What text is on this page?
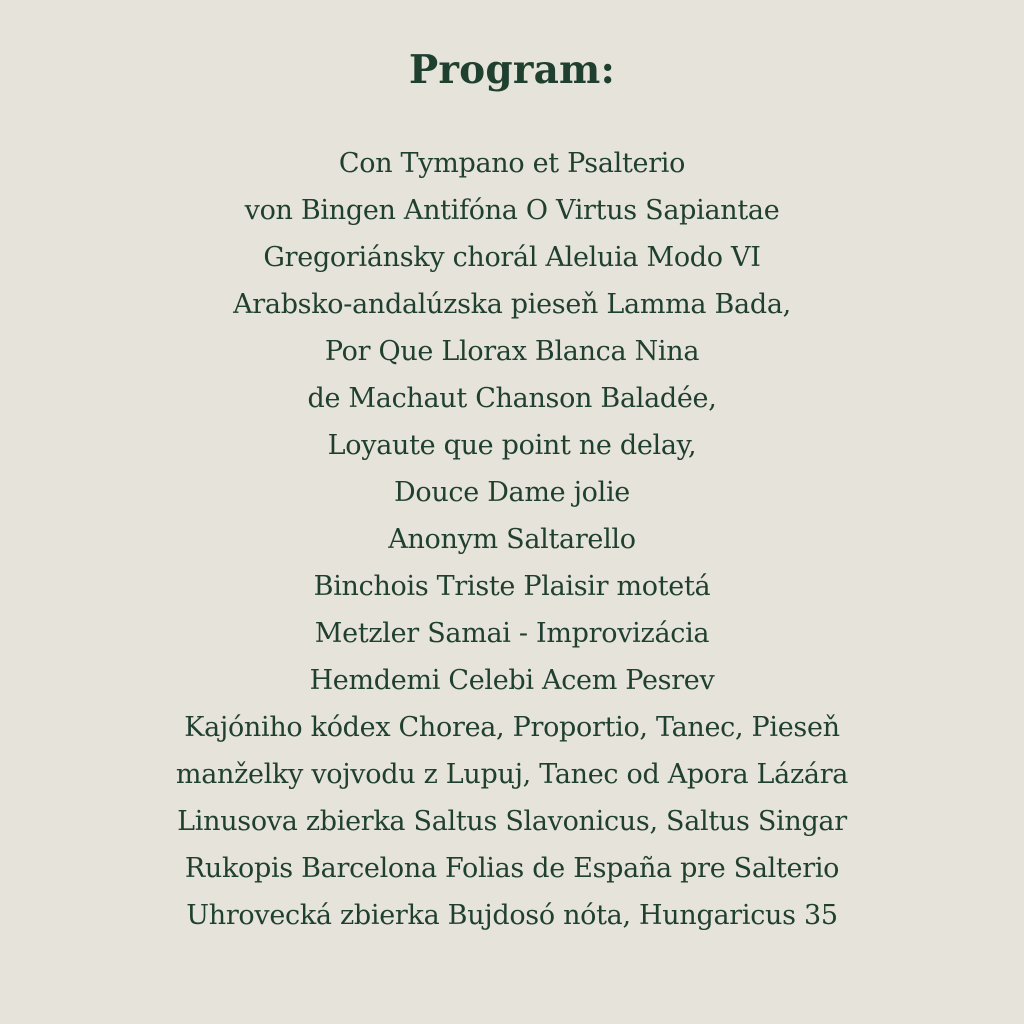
Program:
Con Tympano et Psalterio
von Bingen Antifóna O Virtus Sapiantae
Gregoriánsky chorál Aleluia Modo VI
Arabsko-andalúzska pieseň Lamma Bada,
Por Que Llorax Blanca Nina
de Machaut Chanson Baladée,
Loyaute que point ne delay,
Douce Dame jolie
Anonym Saltarello
Binchois Triste Plaisir motetá
Metzler Samai - Improvizácia
Hemdemi Celebi Acem Pesrev
Kajóniho kódex Chorea, Proportio, Tanec, Pieseň
manželky vojvodu z Lupuj, Tanec od Apora Lázára
Linusova zbierka Saltus Slavonicus, Saltus Singar
Rukopis Barcelona Folias de España pre Salterio
Uhrovecká zbierka Bujdosó nóta, Hungaricus 35
